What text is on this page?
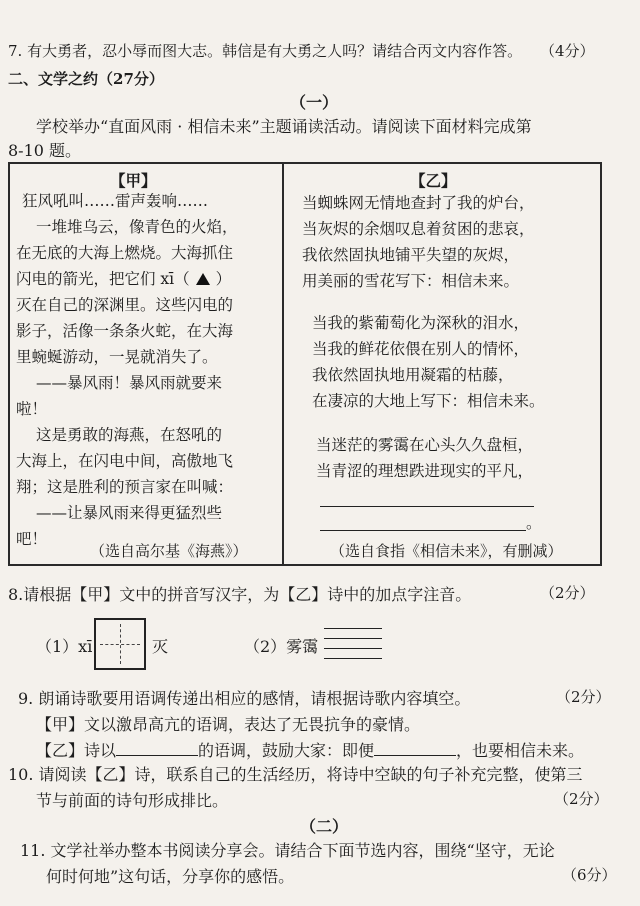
7. 有大勇者，忍小辱而图大志。韩信是有大勇之人吗？请结合丙文内容作答。 （4分）
二、文学之约（27分）
（一）
学校举办“直面风雨 · 相信未来”主题诵读活动。请阅读下面材料完成第
8-10 题。
【甲】
狂风吼叫……雷声轰响……
一堆堆乌云，像青色的火焰，
在无底的大海上燃烧。大海抓住
闪电的箭光，把它们 xī（ ）
灭在自己的深渊里。这些闪电的
影子，活像一条条火蛇，在大海
里蜿蜒游动，一晃就消失了。
——暴风雨！暴风雨就要来
啦！
这是勇敢的海燕，在怒吼的
大海上，在闪电中间，高傲地飞
翔；这是胜利的预言家在叫喊：
——让暴风雨来得更猛烈些
吧！
（选自高尔基《海燕》）
【乙】
当蜘蛛网无情地查封了我的炉台，
当灰烬的余烟叹息着贫困的悲哀，
我依然固执地铺平失望的灰烬，
用美丽的雪花写下：相信未来。
当我的紫葡萄化为深秋的泪水，
当我的鲜花依偎在别人的情怀，
我依然固执地用凝霜的枯藤，
在凄凉的大地上写下：相信未来。
当迷茫的雾霭在心头久久盘桓，
当青涩的理想跌进现实的平凡，
。
（选自食指《相信未来》，有删减）
8.请根据【甲】文中的拼音写汉字，为【乙】诗中的加点字注音。	（2分）
（1）xī	灭	（2）雾霭
9. 朗诵诗歌要用语调传递出相应的感情，请根据诗歌内容填空。	（2分）
【甲】文以激昂高亢的语调，表达了无畏抗争的豪情。
【乙】诗以	的语调，鼓励大家：即便	，也要相信未来。
10. 请阅读【乙】诗，联系自己的生活经历，将诗中空缺的句子补充完整，使第三
节与前面的诗句形成排比。	（2分）
（二）
11. 文学社举办整本书阅读分享会。请结合下面节选内容，围绕“坚守，无论
何时何地”这句话，分享你的感悟。	（6分）
